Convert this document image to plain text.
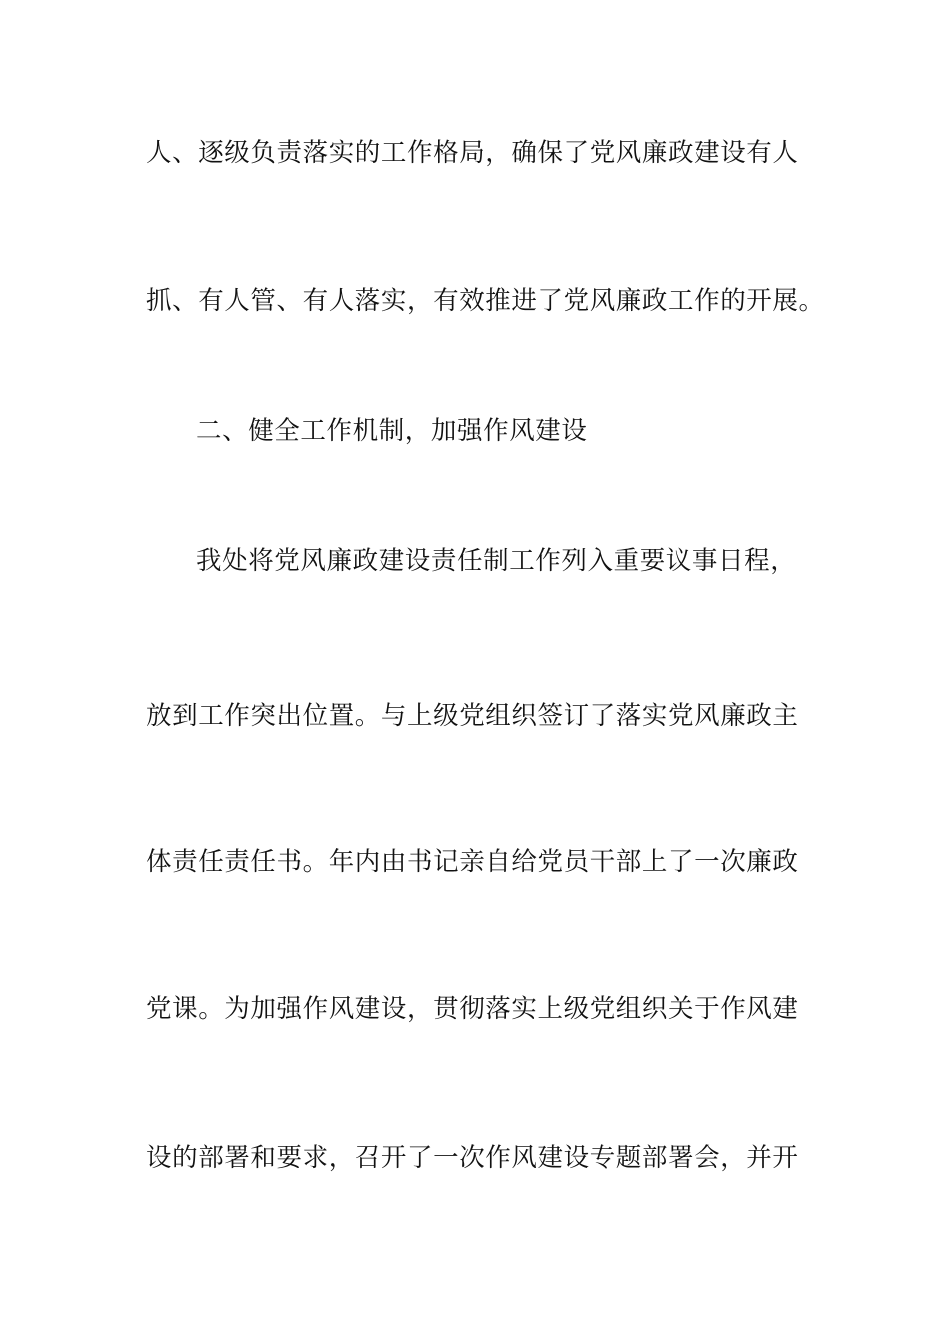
人、逐级负责落实的工作格局，确保了党风廉政建设有人
抓、有人管、有人落实，有效推进了党风廉政工作的开展。
二、健全工作机制，加强作风建设
我处将党风廉政建设责任制工作列入重要议事日程，
放到工作突出位置。与上级党组织签订了落实党风廉政主
体责任责任书。年内由书记亲自给党员干部上了一次廉政
党课。为加强作风建设，贯彻落实上级党组织关于作风建
设的部署和要求，召开了一次作风建设专题部署会，并开
